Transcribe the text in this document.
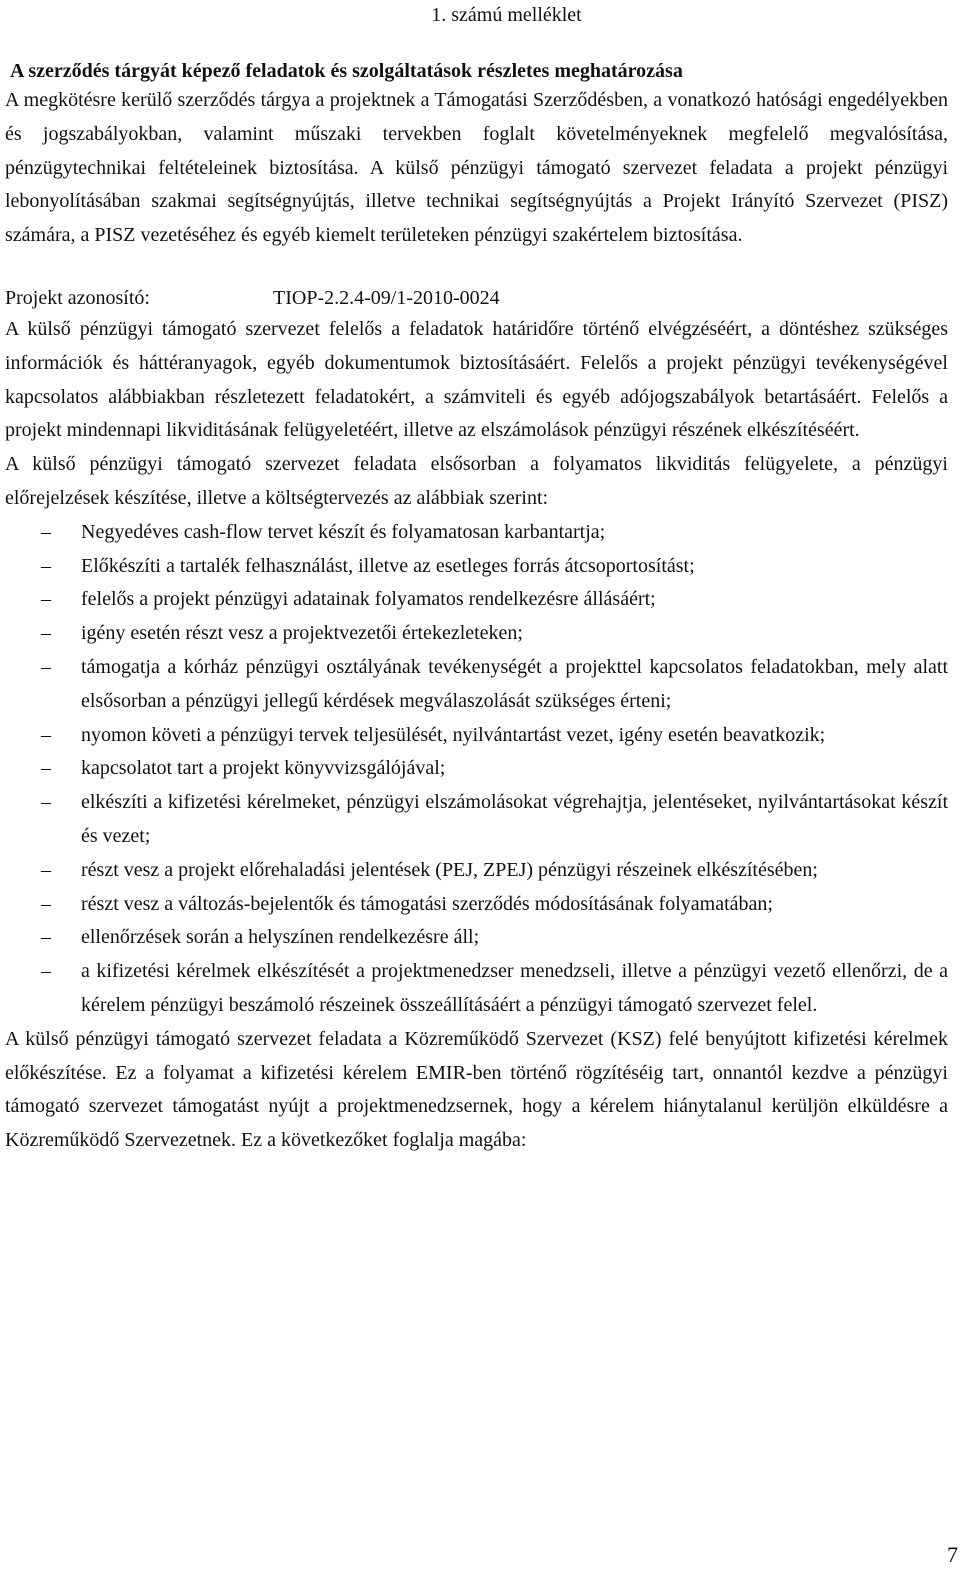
1. számú melléklet
A szerződés tárgyát képező feladatok és szolgáltatások részletes meghatározása

A megkötésre kerülő szerződés tárgya a projektnek a Támogatási Szerződésben, a vonatkozó hatósági engedélyekben és jogszabályokban, valamint műszaki tervekben foglalt követelményeknek megfelelő megvalósítása, pénzügytechnikai feltételeinek biztosítása. A külső pénzügyi támogató szervezet feladata a projekt pénzügyi lebonyolításában szakmai segítségnyújtás, illetve technikai segítségnyújtás a Projekt Irányító Szervezet (PISZ) számára, a PISZ vezetéséhez és egyéb kiemelt területeken pénzügyi szakértelem biztosítása.

Projekt azonosító:	TIOP-2.2.4-09/1-2010-0024

A külső pénzügyi támogató szervezet felelős a feladatok határidőre történő elvégzéséért, a döntéshez szükséges információk és háttéranyagok, egyéb dokumentumok biztosításáért. Felelős a projekt pénzügyi tevékenységével kapcsolatos alábbiakban részletezett feladatokért, a számviteli és egyéb adójogszabályok betartásáért. Felelős a projekt mindennapi likviditásának felügyeletéért, illetve az elszámolások pénzügyi részének elkészítéséért.

A külső pénzügyi támogató szervezet feladata elsősorban a folyamatos likviditás felügyelete, a pénzügyi előrejelzések készítése, illetve a költségtervezés az alábbiak szerint:

– Negyedéves cash-flow tervet készít és folyamatosan karbantartja;
– Előkészíti a tartalék felhasználást, illetve az esetleges forrás átcsoportosítást;
– felelős a projekt pénzügyi adatainak folyamatos rendelkezésre állásáért;
– igény esetén részt vesz a projektvezetői értekezleteken;
– támogatja a kórház pénzügyi osztályának tevékenységét a projekttel kapcsolatos feladatokban, mely alatt elsősorban a pénzügyi jellegű kérdések megválaszolását szükséges érteni;
– nyomon követi a pénzügyi tervek teljesülését, nyilvántartást vezet, igény esetén beavatkozik;
– kapcsolatot tart a projekt könyvvizsgálójával;
– elkészíti a kifizetési kérelmeket, pénzügyi elszámolásokat végrehajtja, jelentéseket, nyilvántartásokat készít és vezet;
– részt vesz a projekt előrehaladási jelentések (PEJ, ZPEJ) pénzügyi részeinek elkészítésében;
– részt vesz a változás-bejelentők és támogatási szerződés módosításának folyamatában;
– ellenőrzések során a helyszínen rendelkezésre áll;
– a kifizetési kérelmek elkészítését a projektmenedzser menedzseli, illetve a pénzügyi vezető ellenőrzi, de a kérelem pénzügyi beszámoló részeinek összeállításáért a pénzügyi támogató szervezet felel.

A külső pénzügyi támogató szervezet feladata a Közreműködő Szervezet (KSZ) felé benyújtott kifizetési kérelmek előkészítése. Ez a folyamat a kifizetési kérelem EMIR-ben történő rögzítéséig tart, onnantól kezdve a pénzügyi támogató szervezet támogatást nyújt a projektmenedzsernek, hogy a kérelem hiánytalanul kerüljön elküldésre a Közreműködő Szervezetnek. Ez a következőket foglalja magába:

7
